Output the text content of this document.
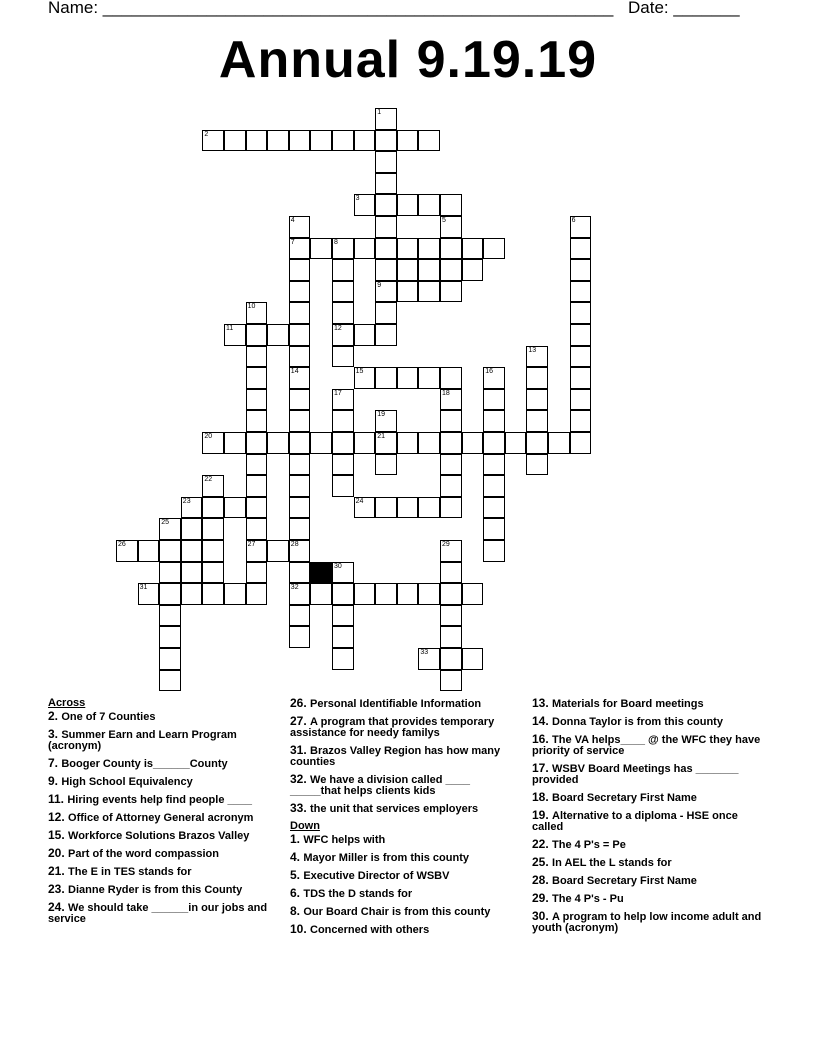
Name: ______________________________________________________ Date: _______
Annual 9.19.19
2
1
9
3
4
7
14
5
8
6
12
10
27
11
13
15	16
17	18
19
21
20
22
23	24
25
26	28
32
29
30
31
33
Across
2. One of 7 Counties
3. Summer Earn and Learn Program (acronym)
7. Booger County is______County
9. High School Equivalency
11. Hiring events help find people ____
12. Office of Attorney General acronym
15. Workforce Solutions Brazos Valley
20. Part of the word compassion
21. The E in TES stands for
23. Dianne Ryder is from this County
24. We should take ______in our jobs and service
26. Personal Identifiable Information
27. A program that provides temporary assistance for needy familys
31. Brazos Valley Region has how many counties
32. We have a division called ____ _____that helps clients kids
33. the unit that services employers
Down
1. WFC helps with
4. Mayor Miller is from this county
5. Executive Director of WSBV
6. TDS the D stands for
8. Our Board Chair is from this county
10. Concerned with others
13. Materials for Board meetings
14. Donna Taylor is from this county
16. The VA helps____ @ the WFC they have priority of service
17. WSBV Board Meetings has _______ provided
18. Board Secretary First Name
19. Alternative to a diploma - HSE once called
22. The 4 P's = Pe
25. In AEL the L stands for
28. Board Secretary First Name
29. The 4 P's - Pu
30. A program to help low income adult and youth (acronym)
